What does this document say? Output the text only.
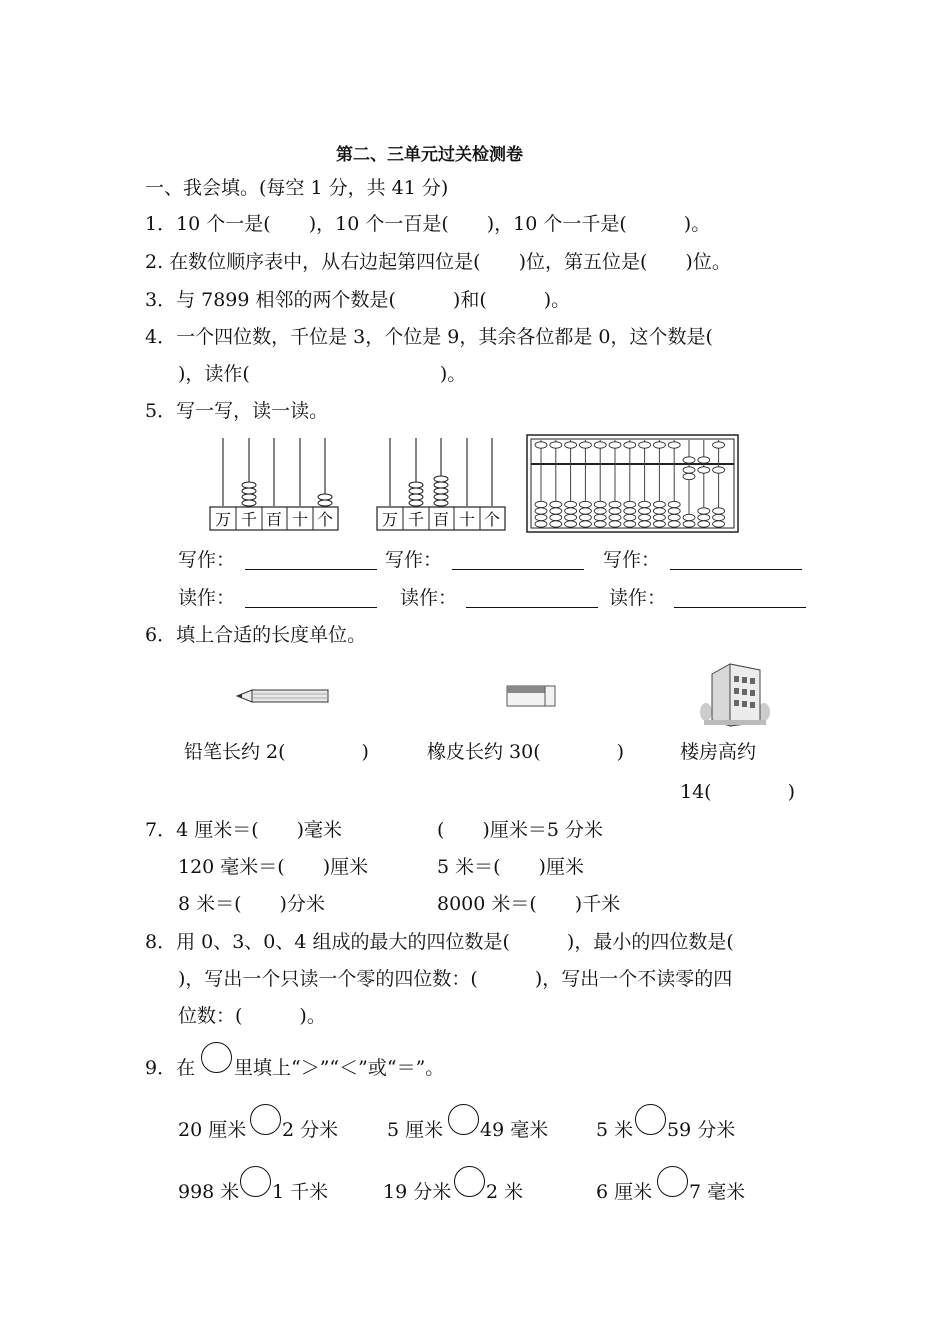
第二、三单元过关检测卷
一、我会填。(每空 1 分，共 41 分)
1．10 个一是(　　)，10 个一百是(　　)，10 个一千是(　　　)。
2. 在数位顺序表中，从右边起第四位是(　　)位，第五位是(　　)位。
3．与 7899 相邻的两个数是(　　　)和(　　　)。
4．一个四位数，千位是 3，个位是 9，其余各位都是 0，这个数是(
)，读作(　　　　　　　　　　)。
5．写一写，读一读。
万 千 百 十 个	万 千 百 十 个
写作：	写作：	写作：
读作：	读作：	读作：
6．填上合适的长度单位。
铅笔长约 2(　　　　)	橡皮长约 30(　　　　)	楼房高约
14(　　　　)
7．4 厘米＝(　　)毫米	(　　)厘米＝5 分米
120 毫米＝(　　)厘米	5 米＝(　　)厘米
8 米＝(　　)分米	8000 米＝(　　)千米
8．用 0、3、0、4 组成的最大的四位数是(　　　)，最小的四位数是(
)，写出一个只读一个零的四位数：(　　　)，写出一个不读零的四
位数：(　　　)。
9．在 里填上“＞”“＜”或“＝”。
20 厘米 2 分米	5 厘米 49 毫米	5 米 59 分米
998 米 1 千米	19 分米 2 米	6 厘米 7 毫米
